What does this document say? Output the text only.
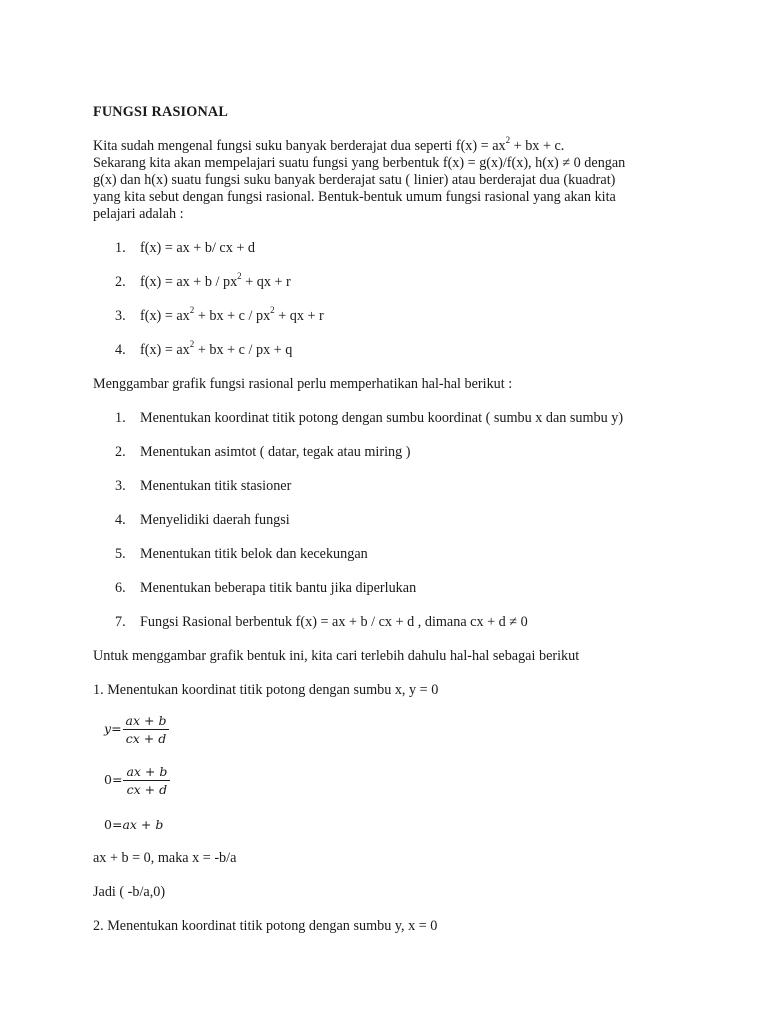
FUNGSI RASIONAL
Kita sudah mengenal fungsi suku banyak berderajat dua seperti $f(x) = ax^2$ + bx + c.
Sekarang kita akan mempelajari suatu fungsi yang berbentuk f(x) = g(x)/f(x), h(x) ≠ 0 dengan
g(x) dan h(x) suatu fungsi suku banyak berderajat satu ( linier) atau berderajat dua (kuadrat)
yang kita sebut dengan fungsi rasional. Bentuk-bentuk umum fungsi rasional yang akan kita
pelajari adalah :
1. f(x) = ax + b/ cx + d
2. f(x) = ax + b / $px^2$ + qx + r
3. $f(x) = ax^2$ + bx + c / $px^2$ + qx + r
4. $f(x) = ax^2$ + bx + c / px + q
Menggambar grafik fungsi rasional perlu memperhatikan hal-hal berikut :
1. Menentukan koordinat titik potong dengan sumbu koordinat ( sumbu x dan sumbu y)
2. Menentukan asimtot ( datar, tegak atau miring )
3. Menentukan titik stasioner
4. Menyelidiki daerah fungsi
5. Menentukan titik belok dan kecekungan
6. Menentukan beberapa titik bantu jika diperlukan
7. Fungsi Rasional berbentuk f(x) = ax + b / cx + d , dimana cx + d ≠ 0
Untuk menggambar grafik bentuk ini, kita cari terlebih dahulu hal-hal sebagai berikut
1. Menentukan koordinat titik potong dengan sumbu x, y = 0
$y= \frac{ax + b}{cx + d}$
$0= \frac{ax + b}{cx + d}$
0=ax + b
ax + b = 0, maka x = -b/a
Jadi ( -b/a,0)
2. Menentukan koordinat titik potong dengan sumbu y, x = 0
